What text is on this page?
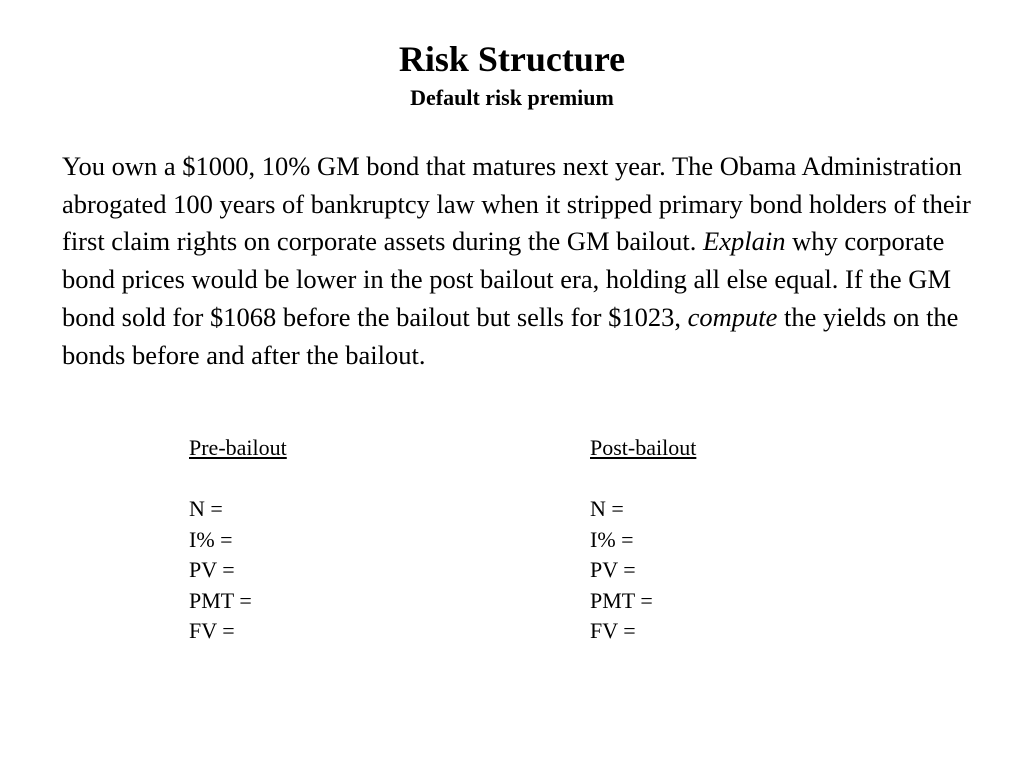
Risk Structure
Default risk premium

You own a $1000, 10% GM bond that matures next year. The Obama Administration abrogated 100 years of bankruptcy law when it stripped primary bond holders of their first claim rights on corporate assets during the GM bailout. Explain why corporate bond prices would be lower in the post bailout era, holding all else equal. If the GM bond sold for $1068 before the bailout but sells for $1023, compute the yields on the bonds before and after the bailout.

Pre-bailout
N =
I% =
PV =
PMT =
FV =
Post-bailout
N =
I% =
PV =
PMT =
FV =
